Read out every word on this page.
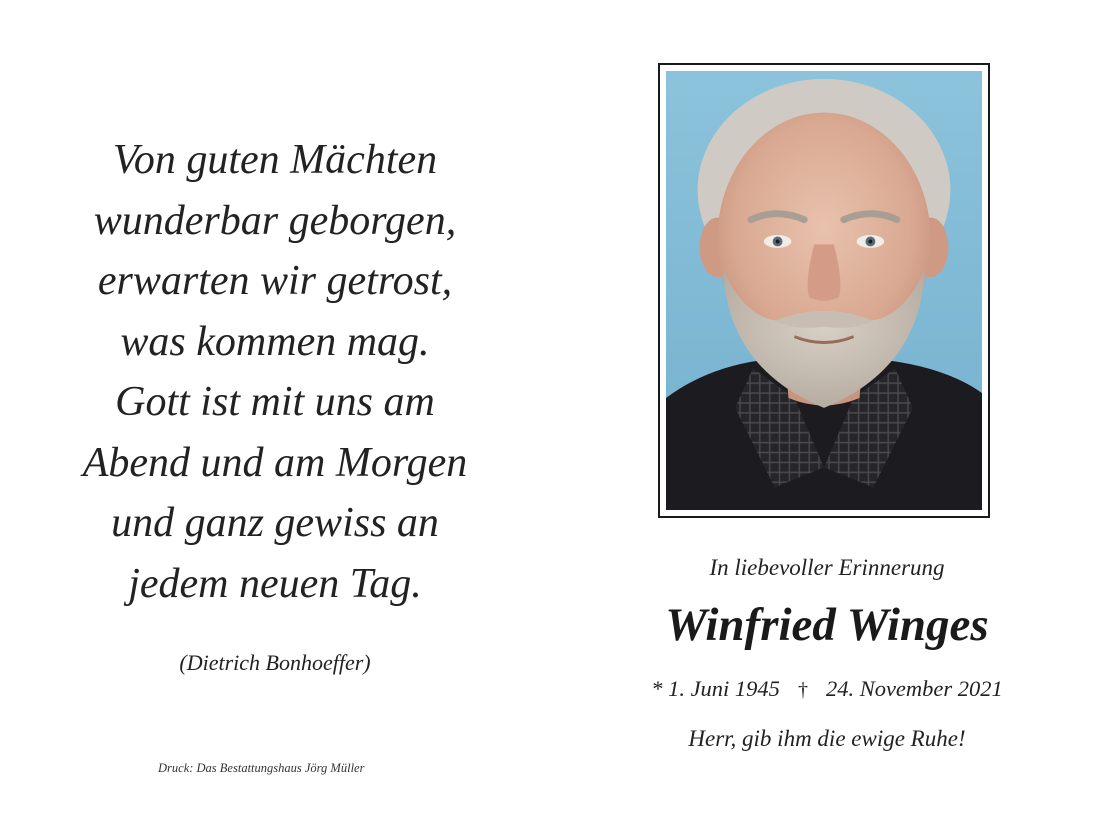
Von guten Mächten
wunderbar geborgen,
erwarten wir getrost,
was kommen mag.
Gott ist mit uns am
Abend und am Morgen
und ganz gewiss an
jedem neuen Tag.
(Dietrich Bonhoeffer)
Druck: Das Bestattungshaus Jörg Müller
In liebevoller Erinnerung
Winfried Winges
* 1. Juni 1945 † 24. November 2021
Herr, gib ihm die ewige Ruhe!
